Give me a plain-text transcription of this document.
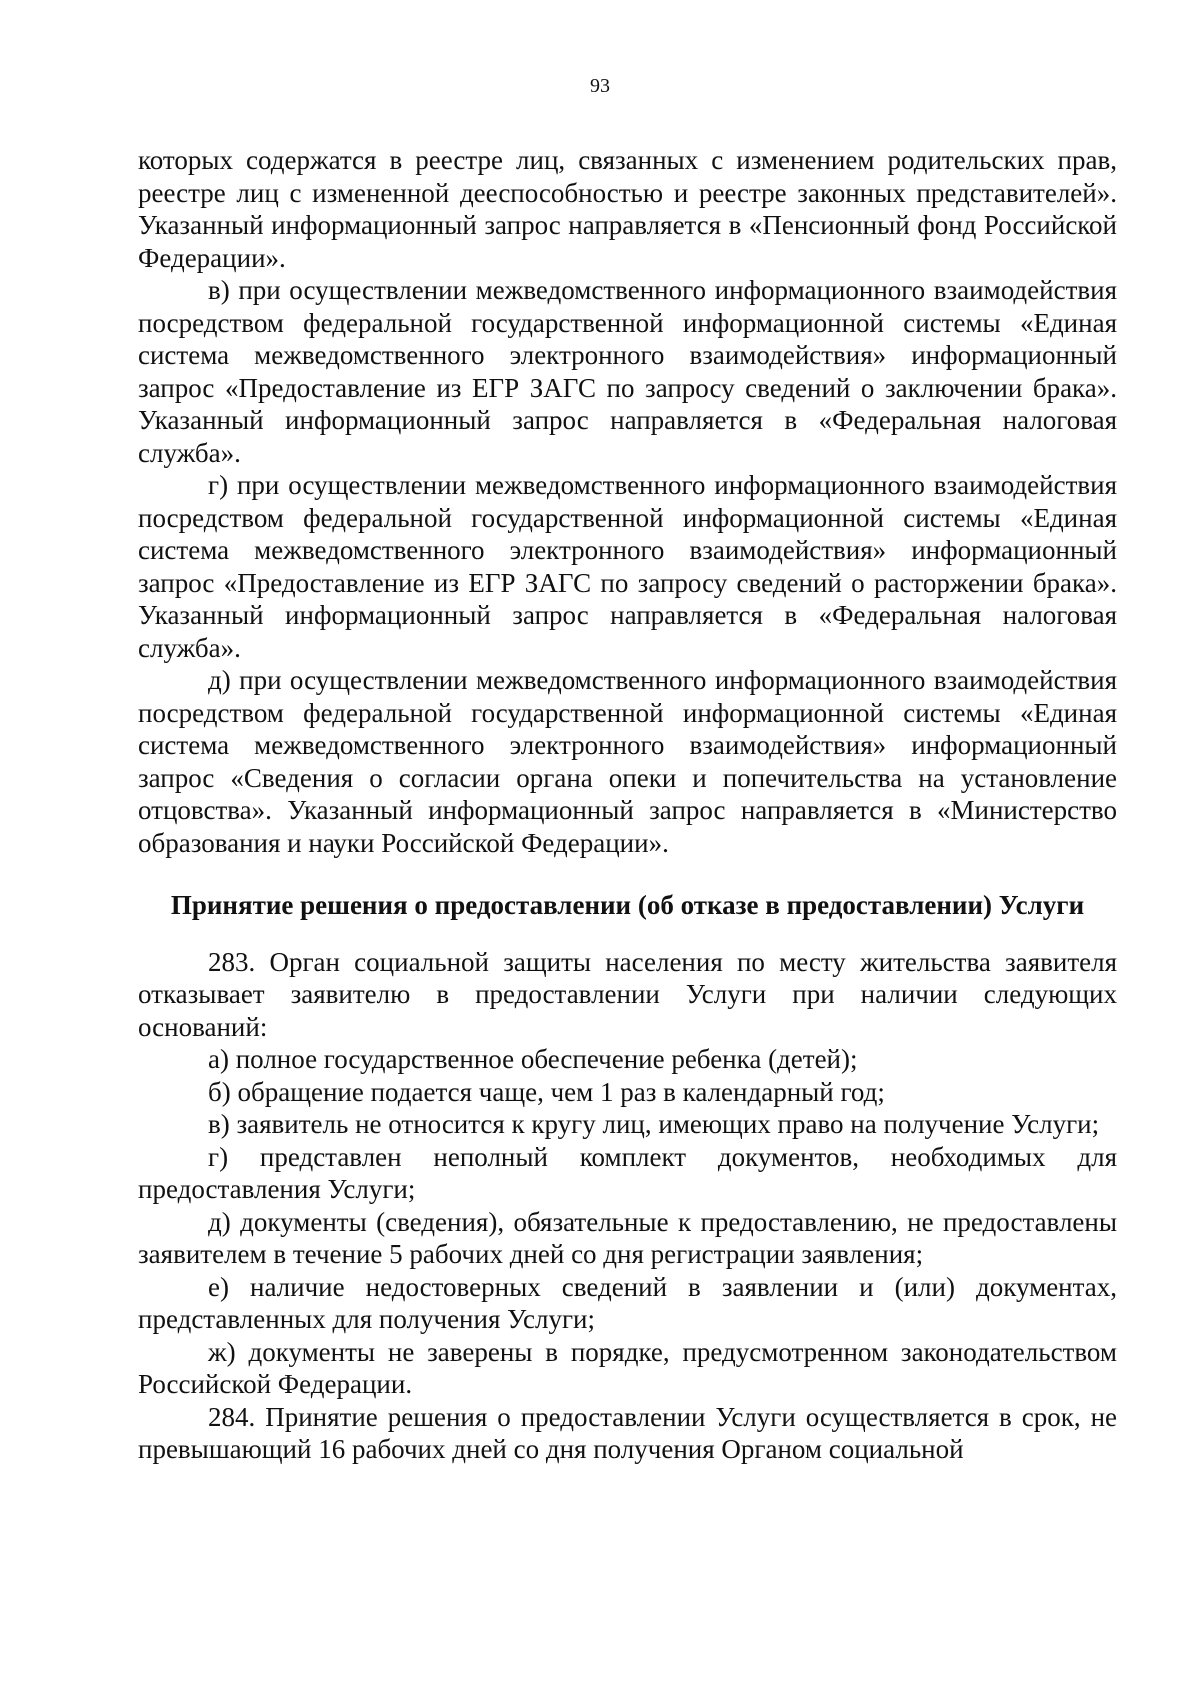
93

которых содержатся в реестре лиц, связанных с изменением родительских прав, реестре лиц с измененной дееспособностью и реестре законных представителей». Указанный информационный запрос направляется в «Пенсионный фонд Российской Федерации».

в) при осуществлении межведомственного информационного взаимодействия посредством федеральной государственной информационной системы «Единая система межведомственного электронного взаимодействия» информационный запрос «Предоставление из ЕГР ЗАГС по запросу сведений о заключении брака». Указанный информационный запрос направляется в «Федеральная налоговая служба».

г) при осуществлении межведомственного информационного взаимодействия посредством федеральной государственной информационной системы «Единая система межведомственного электронного взаимодействия» информационный запрос «Предоставление из ЕГР ЗАГС по запросу сведений о расторжении брака». Указанный информационный запрос направляется в «Федеральная налоговая служба».

д) при осуществлении межведомственного информационного взаимодействия посредством федеральной государственной информационной системы «Единая система межведомственного электронного взаимодействия» информационный запрос «Сведения о согласии органа опеки и попечительства на установление отцовства». Указанный информационный запрос направляется в «Министерство образования и науки Российской Федерации».

Принятие решения о предоставлении (об отказе в предоставлении) Услуги

283. Орган социальной защиты населения по месту жительства заявителя отказывает заявителю в предоставлении Услуги при наличии следующих оснований:

а) полное государственное обеспечение ребенка (детей);

б) обращение подается чаще, чем 1 раз в календарный год;

в) заявитель не относится к кругу лиц, имеющих право на получение Услуги;

г) представлен неполный комплект документов, необходимых для предоставления Услуги;

д) документы (сведения), обязательные к предоставлению, не предоставлены заявителем в течение 5 рабочих дней со дня регистрации заявления;

е) наличие недостоверных сведений в заявлении и (или) документах, представленных для получения Услуги;

ж) документы не заверены в порядке, предусмотренном законодательством Российской Федерации.

284. Принятие решения о предоставлении Услуги осуществляется в срок, не превышающий 16 рабочих дней со дня получения Органом социальной
